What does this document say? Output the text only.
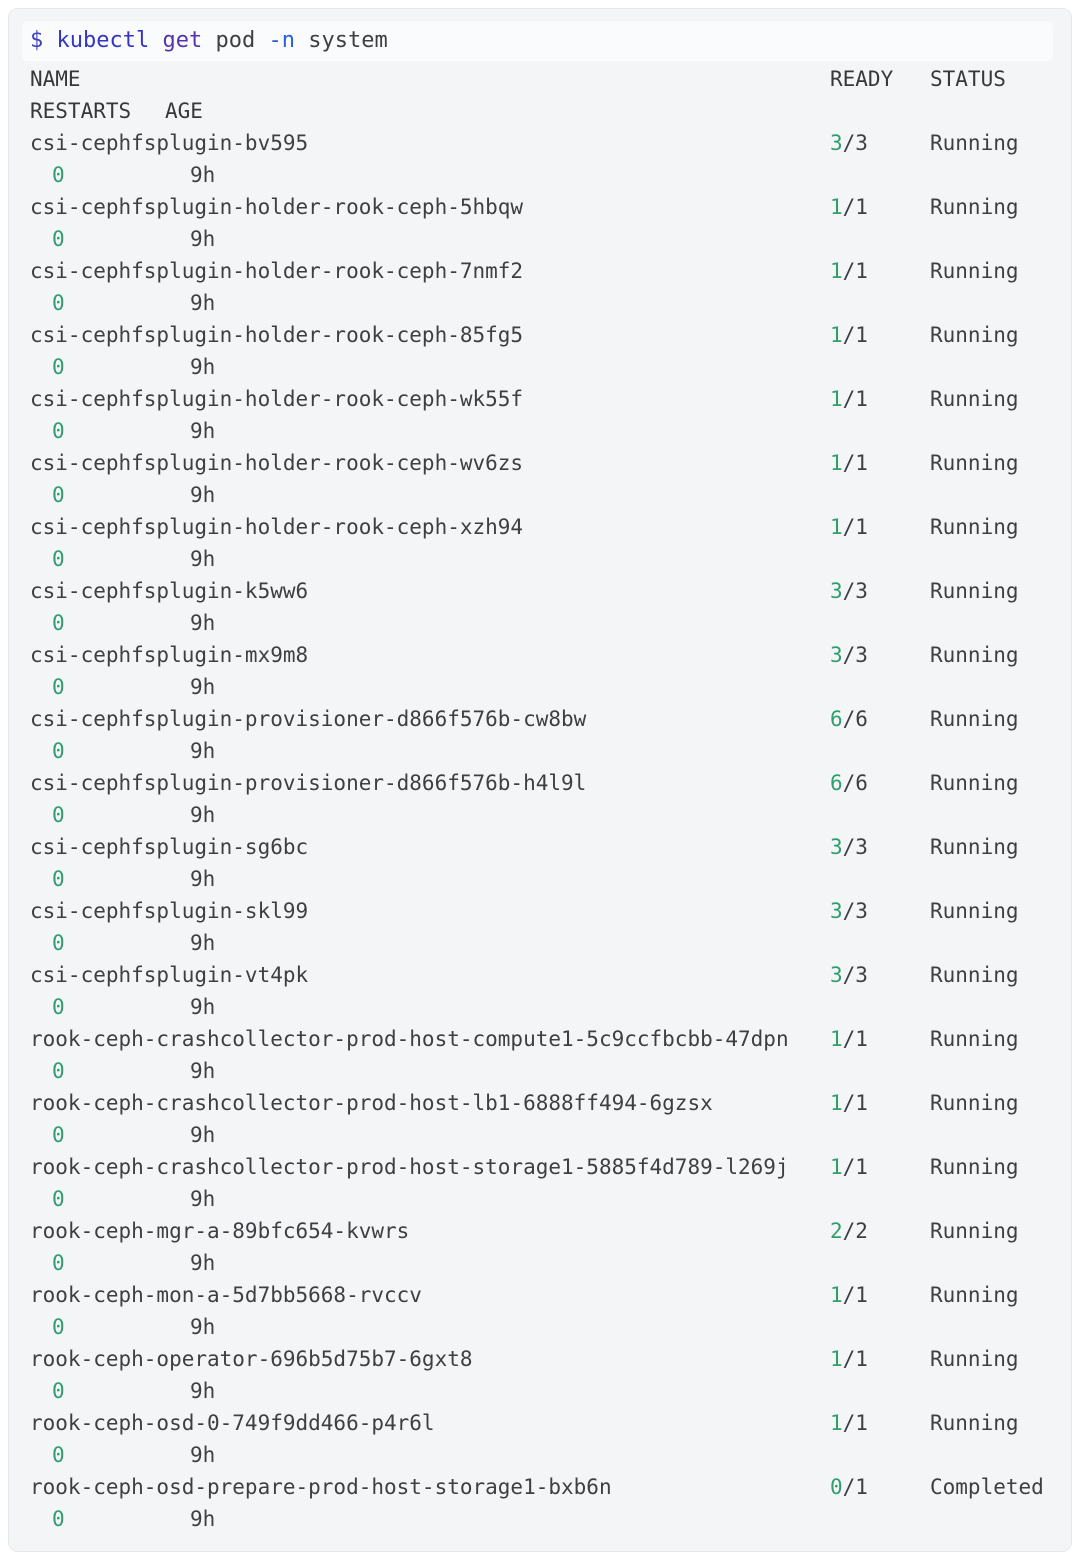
$ kubectl get pod -n system
NAME	READY	STATUS
RESTARTS	AGE
csi-cephfsplugin-bv595	3/3	Running
0	9h
csi-cephfsplugin-holder-rook-ceph-5hbqw	1/1	Running
0	9h
csi-cephfsplugin-holder-rook-ceph-7nmf2	1/1	Running
0	9h
csi-cephfsplugin-holder-rook-ceph-85fg5	1/1	Running
0	9h
csi-cephfsplugin-holder-rook-ceph-wk55f	1/1	Running
0	9h
csi-cephfsplugin-holder-rook-ceph-wv6zs	1/1	Running
0	9h
csi-cephfsplugin-holder-rook-ceph-xzh94	1/1	Running
0	9h
csi-cephfsplugin-k5ww6	3/3	Running
0	9h
csi-cephfsplugin-mx9m8	3/3	Running
0	9h
csi-cephfsplugin-provisioner-d866f576b-cw8bw	6/6	Running
0	9h
csi-cephfsplugin-provisioner-d866f576b-h4l9l	6/6	Running
0	9h
csi-cephfsplugin-sg6bc	3/3	Running
0	9h
csi-cephfsplugin-skl99	3/3	Running
0	9h
csi-cephfsplugin-vt4pk	3/3	Running
0	9h
rook-ceph-crashcollector-prod-host-compute1-5c9ccfbcbb-47dpn	1/1	Running
0	9h
rook-ceph-crashcollector-prod-host-lb1-6888ff494-6gzsx	1/1	Running
0	9h
rook-ceph-crashcollector-prod-host-storage1-5885f4d789-l269j	1/1	Running
0	9h
rook-ceph-mgr-a-89bfc654-kvwrs	2/2	Running
0	9h
rook-ceph-mon-a-5d7bb5668-rvccv	1/1	Running
0	9h
rook-ceph-operator-696b5d75b7-6gxt8	1/1	Running
0	9h
rook-ceph-osd-0-749f9dd466-p4r6l	1/1	Running
0	9h
rook-ceph-osd-prepare-prod-host-storage1-bxb6n	0/1	Completed
0	9h
